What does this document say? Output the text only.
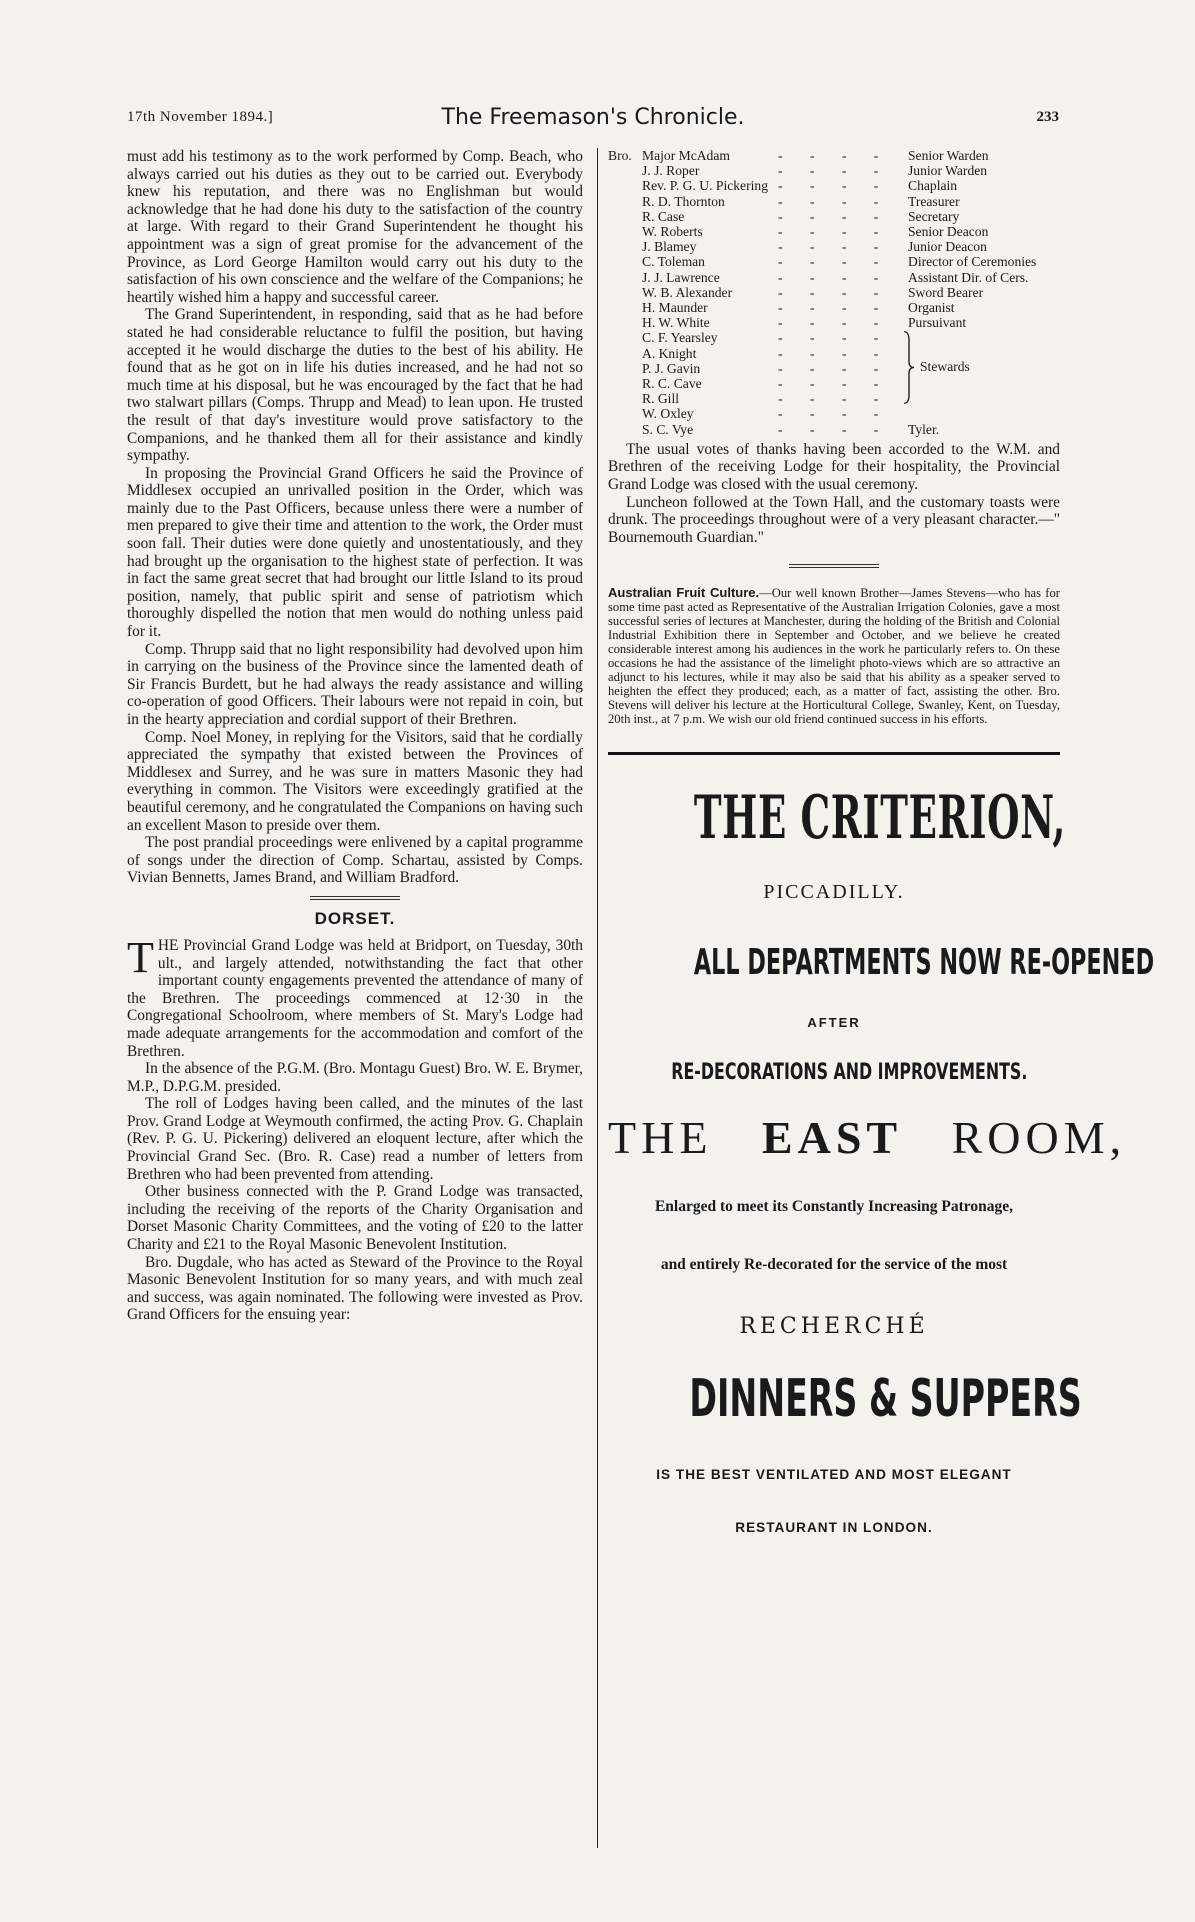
17th November 1894.]	The Freemason's Chronicle.	233

must add his testimony as to the work performed by Comp. Beach, who always carried out his duties as they out to be carried out. Everybody knew his reputation, and there was no Englishman but would acknowledge that he had done his duty to the satisfaction of the country at large. With regard to their Grand Superintendent he thought his appointment was a sign of great promise for the advancement of the Province, as Lord George Hamilton would carry out his duty to the satisfaction of his own conscience and the welfare of the Companions; he heartily wished him a happy and successful career.

The Grand Superintendent, in responding, said that as he had before stated he had considerable reluctance to fulfil the position, but having accepted it he would discharge the duties to the best of his ability. He found that as he got on in life his duties increased, and he had not so much time at his disposal, but he was encouraged by the fact that he had two stalwart pillars (Comps. Thrupp and Mead) to lean upon. He trusted the result of that day's investiture would prove satisfactory to the Companions, and he thanked them all for their assistance and kindly sympathy.

In proposing the Provincial Grand Officers he said the Province of Middlesex occupied an unrivalled position in the Order, which was mainly due to the Past Officers, because unless there were a number of men prepared to give their time and attention to the work, the Order must soon fall. Their duties were done quietly and unostentatiously, and they had brought up the organisation to the highest state of perfection. It was in fact the same great secret that had brought our little Island to its proud position, namely, that public spirit and sense of patriotism which thoroughly dispelled the notion that men would do nothing unless paid for it.

Comp. Thrupp said that no light responsibility had devolved upon him in carrying on the business of the Province since the lamented death of Sir Francis Burdett, but he had always the ready assistance and willing co-operation of good Officers. Their labours were not repaid in coin, but in the hearty appreciation and cordial support of their Brethren.

Comp. Noel Money, in replying for the Visitors, said that he cordially appreciated the sympathy that existed between the Provinces of Middlesex and Surrey, and he was sure in matters Masonic they had everything in common. The Visitors were exceedingly gratified at the beautiful ceremony, and he congratulated the Companions on having such an excellent Mason to preside over them.

The post prandial proceedings were enlivened by a capital programme of songs under the direction of Comp. Schartau, assisted by Comps. Vivian Bennetts, James Brand, and William Bradford.

DORSET.

THE Provincial Grand Lodge was held at Bridport, on Tuesday, 30th ult., and largely attended, notwithstanding the fact that other important county engagements prevented the attendance of many of the Brethren. The proceedings commenced at 12·30 in the Congregational Schoolroom, where members of St. Mary's Lodge had made adequate arrangements for the accommodation and comfort of the Brethren.

In the absence of the P.G.M. (Bro. Montagu Guest) Bro. W. E. Brymer, M.P., D.P.G.M. presided.

The roll of Lodges having been called, and the minutes of the last Prov. Grand Lodge at Weymouth confirmed, the acting Prov. G. Chaplain (Rev. P. G. U. Pickering) delivered an eloquent lecture, after which the Provincial Grand Sec. (Bro. R. Case) read a number of letters from Brethren who had been prevented from attending.

Other business connected with the P. Grand Lodge was transacted, including the receiving of the reports of the Charity Organisation and Dorset Masonic Charity Committees, and the voting of £20 to the latter Charity and £21 to the Royal Masonic Benevolent Institution.

Bro. Dugdale, who has acted as Steward of the Province to the Royal Masonic Benevolent Institution for so many years, and with much zeal and success, was again nominated. The following were invested as Prov. Grand Officers for the ensuing year:

Bro. Major McAdam	- - - -	Senior Warden
J. J. Roper	- - - -	Junior Warden
Rev. P. G. U. Pickering	- - - -	Chaplain
R. D. Thornton	- - - -	Treasurer
R. Case	- - - -	Secretary
W. Roberts	- - - -	Senior Deacon
J. Blamey	- - - -	Junior Deacon
C. Toleman	- - - -	Director of Ceremonies
J. J. Lawrence	- - - -	Assistant Dir. of Cers.
W. B. Alexander	- - - -	Sword Bearer
H. Maunder	- - - -	Organist
H. W. White	- - - -	Pursuivant
C. F. Yearsley	- - - -	Stewards

A. Knight	- - - -	
P. J. Gavin	- - - -	
R. C. Cave	- - - -	
R. Gill	- - - -	
W. Oxley	- - - -	
S. C. Vye	- - - -	Tyler.

The usual votes of thanks having been accorded to the W.M. and Brethren of the receiving Lodge for their hospitality, the Provincial Grand Lodge was closed with the usual ceremony.

Luncheon followed at the Town Hall, and the customary toasts were drunk. The proceedings throughout were of a very pleasant character.—" Bournemouth Guardian."

Australian Fruit Culture.—Our well known Brother—James Stevens—who has for some time past acted as Representative of the Australian Irrigation Colonies, gave a most successful series of lectures at Manchester, during the holding of the British and Colonial Industrial Exhibition there in September and October, and we believe he created considerable interest among his audiences in the work he particularly refers to. On these occasions he had the assistance of the limelight photo-views which are so attractive an adjunct to his lectures, while it may also be said that his ability as a speaker served to heighten the effect they produced; each, as a matter of fact, assisting the other. Bro. Stevens will deliver his lecture at the Horticultural College, Swanley, Kent, on Tuesday, 20th inst., at 7 p.m. We wish our old friend continued success in his efforts.
THE CRITERION,
PICCADILLY.
ALL DEPARTMENTS NOW RE-OPENED
AFTER
RE-DECORATIONS AND IMPROVEMENTS.
THE EAST ROOM,
Enlarged to meet its Constantly Increasing Patronage,
and entirely Re-decorated for the service of the most
RECHERCHÉ
DINNERS & SUPPERS
IS THE BEST VENTILATED AND MOST ELEGANT
RESTAURANT IN LONDON.
